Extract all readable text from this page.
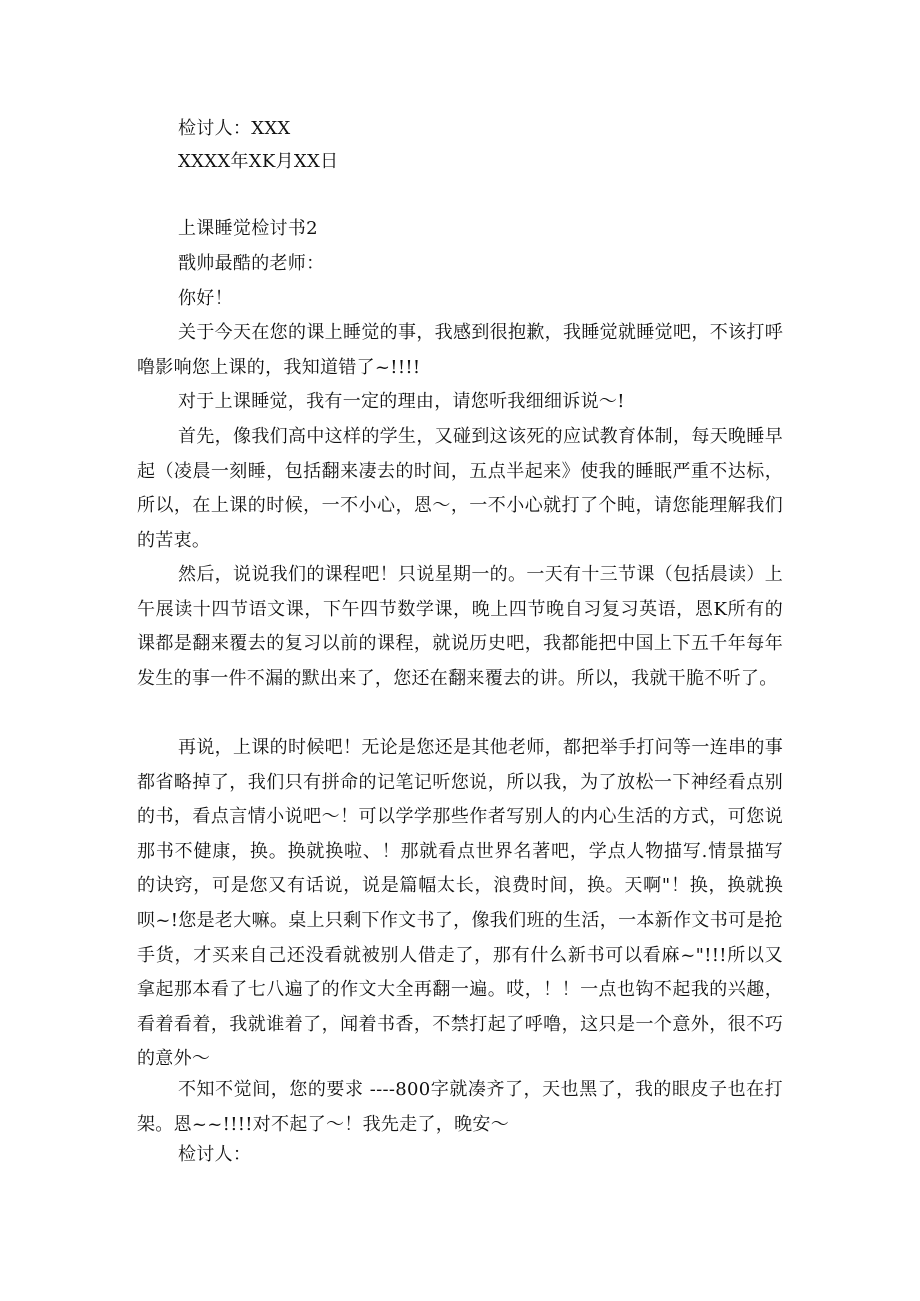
检讨人：XXX
XXXX年XK月XX日
上课睡觉检讨书2
戬帅最酷的老师：
你好！
关于今天在您的课上睡觉的事，我感到很抱歉，我睡觉就睡觉吧，不该打呼噜影响您上课的，我知道错了~!!!!
对于上课睡觉，我有一定的理由，请您听我细细诉说～!
首先，像我们高中这样的学生，又碰到这该死的应试教育体制，每天晚睡早起（凌晨一刻睡，包括翻来凄去的时间，五点半起来》使我的睡眠严重不达标，所以，在上课的时候，一不小心，恩～，一不小心就打了个盹，请您能理解我们的苦衷。
然后，说说我们的课程吧！只说星期一的。一天有十三节课（包括晨读）上午展读十四节语文课，下午四节数学课，晚上四节晚自习复习英语，恩K所有的课都是翻来覆去的复习以前的课程，就说历史吧，我都能把中国上下五千年每年发生的事一件不漏的默出来了，您还在翻来覆去的讲。所以，我就干脆不听了。
再说，上课的时候吧！无论是您还是其他老师，都把举手打问等一连串的事都省略掉了，我们只有拼命的记笔记听您说，所以我，为了放松一下神经看点别的书，看点言情小说吧～！可以学学那些作者写别人的内心生活的方式，可您说那书不健康，换。换就换啦、！那就看点世界名著吧，学点人物描写.情景描写的诀窍，可是您又有话说，说是篇幅太长，浪费时间，换。天啊"！换，换就换呗~!您是老大嘛。桌上只剩下作文书了，像我们班的生活，一本新作文书可是抢手货，才买来自己还没看就被别人借走了，那有什么新书可以看麻~"!!!所以又拿起那本看了七八遍了的作文大全再翻一遍。哎，！！一点也钩不起我的兴趣，看着看着，我就谁着了，闻着书香，不禁打起了呼噜，这只是一个意外，很不巧的意外～
不知不觉间，您的要求 ----800字就凑齐了，天也黑了，我的眼皮子也在打架。恩~~!!!!对不起了～！我先走了，晚安～
检讨人：
